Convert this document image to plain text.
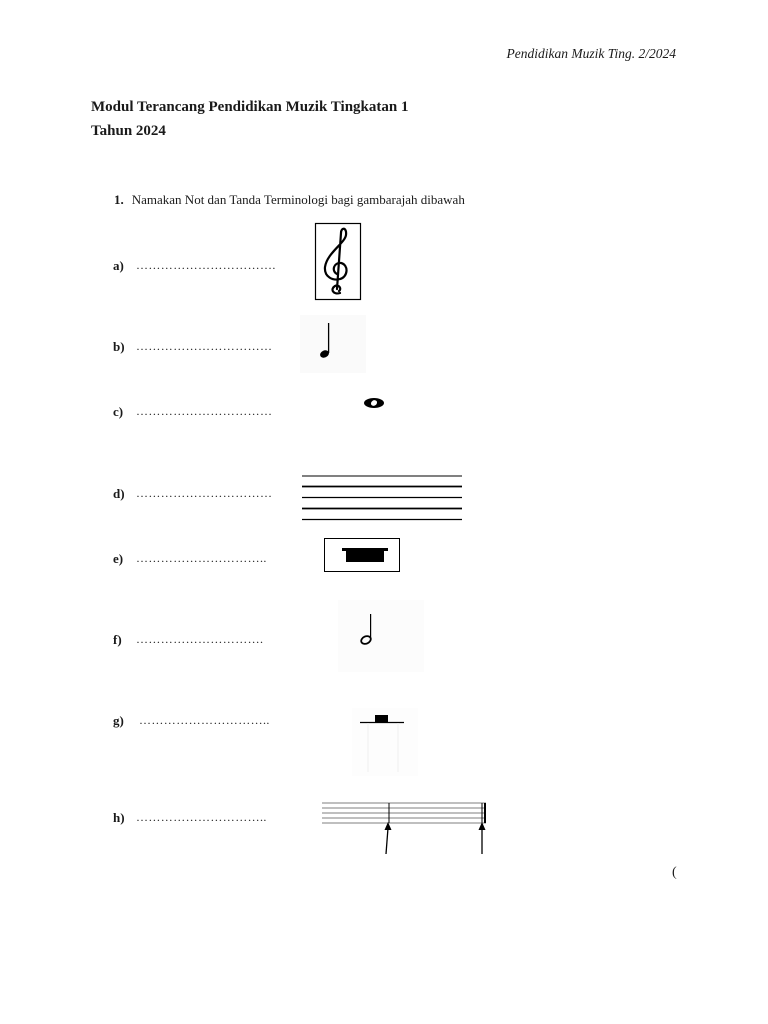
Pendidikan Muzik Ting. 2/2024
Modul Terancang Pendidikan Muzik Tingkatan 1
Tahun 2024
1. Namakan Not dan Tanda Terminologi bagi gambarajah dibawah
a) …………………………….
b) ……………………………
c) ……………………………
d) ……………………………
e) …………………………..
f) ………………………….
g) …………………………..
h) …………………………..
(
